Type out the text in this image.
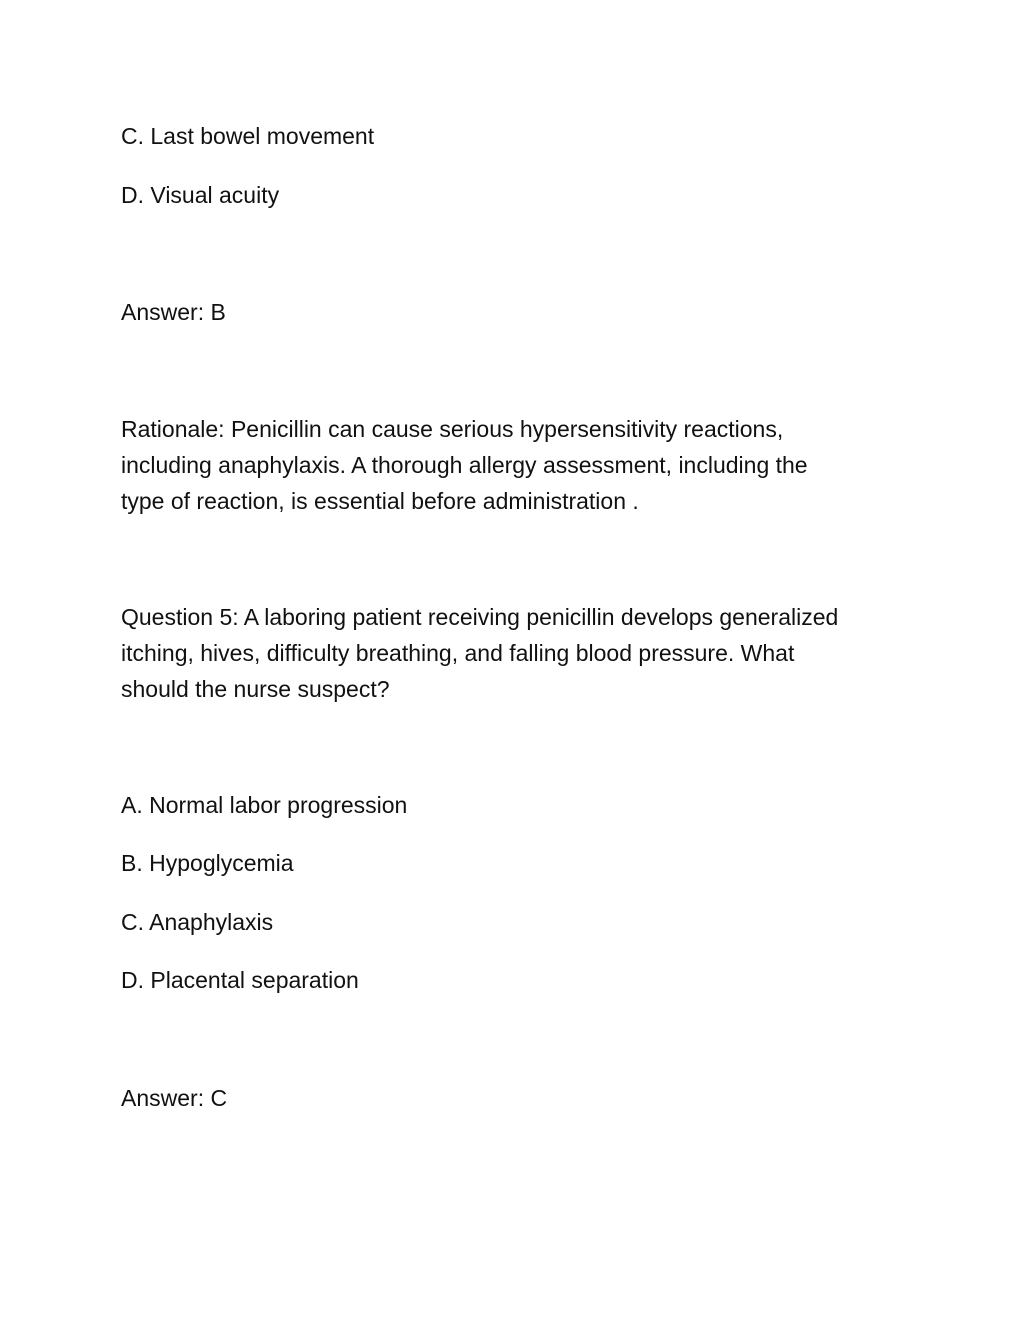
C. Last bowel movement
D. Visual acuity
Answer: B
Rationale: Penicillin can cause serious hypersensitivity reactions,
including anaphylaxis. A thorough allergy assessment, including the
type of reaction, is essential before administration .
Question 5: A laboring patient receiving penicillin develops generalized
itching, hives, difficulty breathing, and falling blood pressure. What
should the nurse suspect?
A. Normal labor progression
B. Hypoglycemia
C. Anaphylaxis
D. Placental separation
Answer: C
